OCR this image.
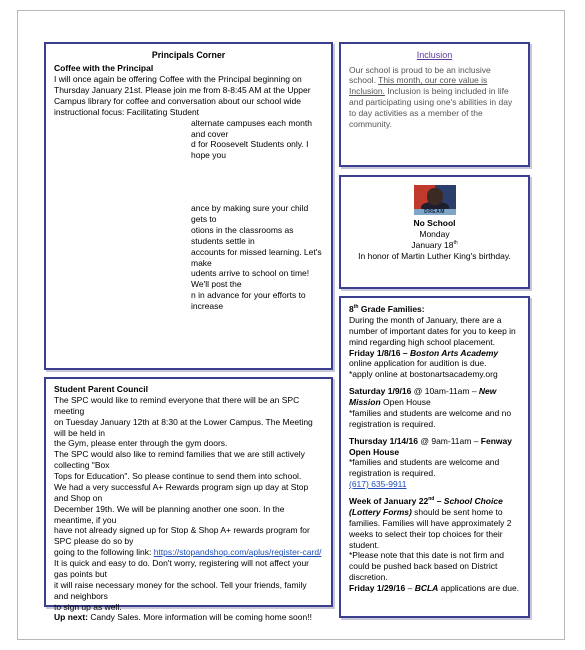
Principals Corner

Coffee with the Principal

I will once again be offering Coffee with the Principal beginning on Thursday January 21st. Please join me from 8-8:45 AM at the Upper Campus library for coffee and conversation about our school wide instructional focus: Facilitating Student

alternate campuses each month and cover

d for Roosevelt Students only. I hope you

ance by making sure your child gets to

otions in the classrooms as students settle in

accounts for missed learning. Let's make

udents arrive to school on time! We'll post the

n in advance for your efforts to increase

Inclusion

Our school is proud to be an inclusive school. This month, our core value is Inclusion. Inclusion is being included in life and participating using one's abilities in day to day activities as a member of the community.

DREAM

No School

Monday

January 18th

In honor of Martin Luther King's birthday.

Student Parent Council

The SPC would like to remind everyone that there will be an SPC meeting

on Tuesday January 12th at 8:30 at the Lower Campus. The Meeting will be held in

the Gym, please enter through the gym doors.

The SPC would also like to remind families that we are still actively collecting "Box

Tops for Education". So please continue to send them into school.

We had a very successful A+ Rewards program sign up day at Stop and Shop on

December 19th. We will be planning another one soon. In the meantime, if you

have not already signed up for Stop & Shop A+ rewards program for SPC please do so by

going to the following link: https://stopandshop.com/aplus/register-card/

It is quick and easy to do. Don't worry, registering will not affect your gas points but

it will raise necessary money for the school. Tell your friends, family and neighbors

to sign up as well.

Up next: Candy Sales. More information will be coming home soon!!

8th Grade Families:

During the month of January, there are a number of important dates for you to keep in mind regarding high school placement.

Friday 1/8/16 – Boston Arts Academy online application for audition is due.

*apply online at bostonartsacademy.org

Saturday 1/9/16 @ 10am-11am – New Mission Open House

*families and students are welcome and no registration is required.

Thursday 1/14/16 @ 9am-11am – Fenway Open House

*families and students are welcome and registration is required.

(617) 635-9911

Week of January 22nd – School Choice (Lottery Forms) should be sent home to families. Families will have approximately 2 weeks to select their top choices for their student.

*Please note that this date is not firm and could be pushed back based on District discretion.

Friday 1/29/16 – BCLA applications are due.
